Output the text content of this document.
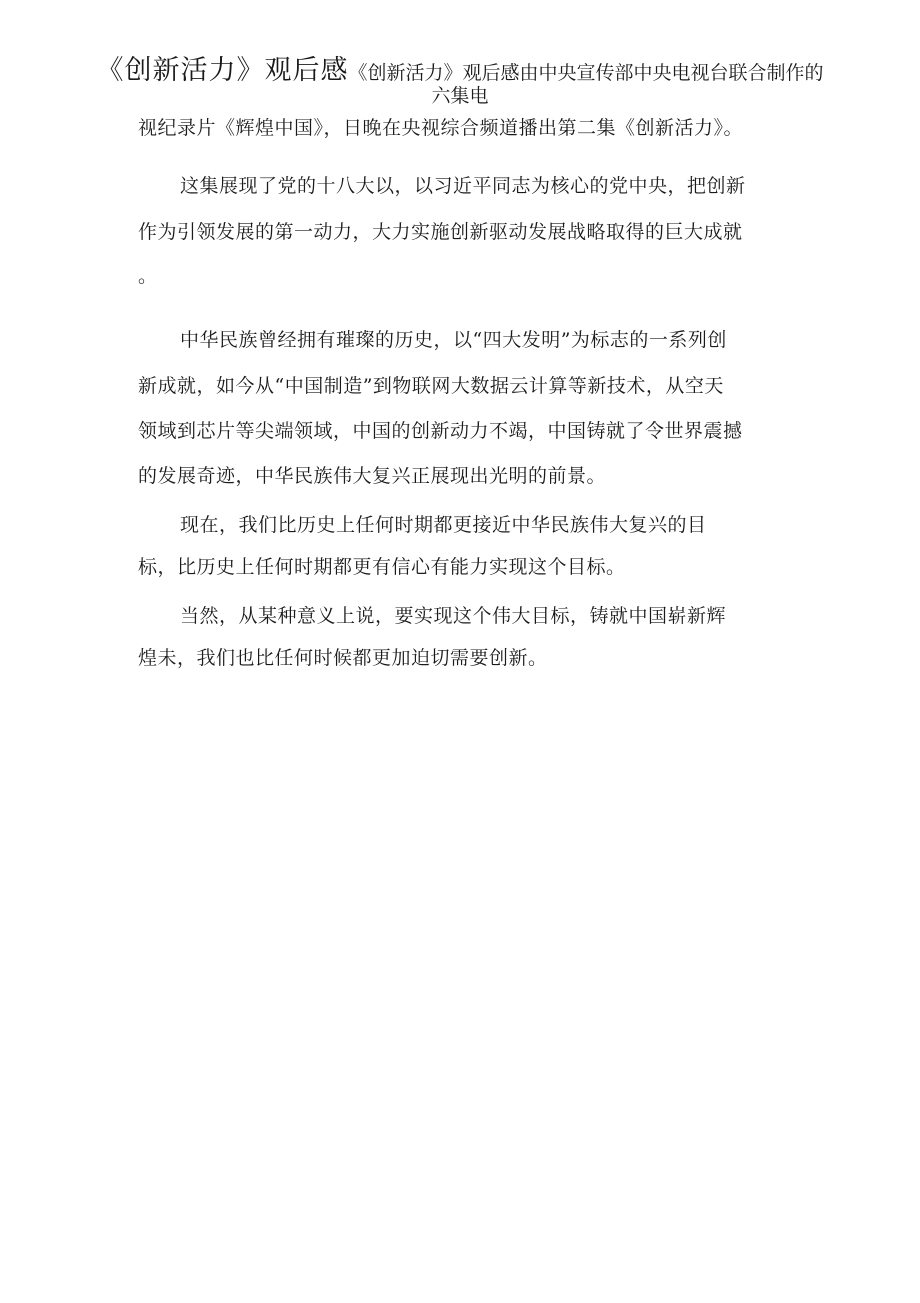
《创新活力》观后感《创新活力》观后感由中央宣传部中央电视台联合制作的
六集电
视纪录片《辉煌中国》，日晚在央视综合频道播出第二集《创新活力》。
这集展现了党的十八大以，以习近平同志为核心的党中央，把创新
作为引领发展的第一动力，大力实施创新驱动发展战略取得的巨大成就
。
中华民族曾经拥有璀璨的历史，以“四大发明”为标志的一系列创
新成就，如今从“中国制造”到物联网大数据云计算等新技术，从空天
领域到芯片等尖端领域，中国的创新动力不竭，中国铸就了令世界震撼
的发展奇迹，中华民族伟大复兴正展现出光明的前景。
现在，我们比历史上任何时期都更接近中华民族伟大复兴的目
标，比历史上任何时期都更有信心有能力实现这个目标。
当然，从某种意义上说，要实现这个伟大目标，铸就中国崭新辉
煌未，我们也比任何时候都更加迫切需要创新。
